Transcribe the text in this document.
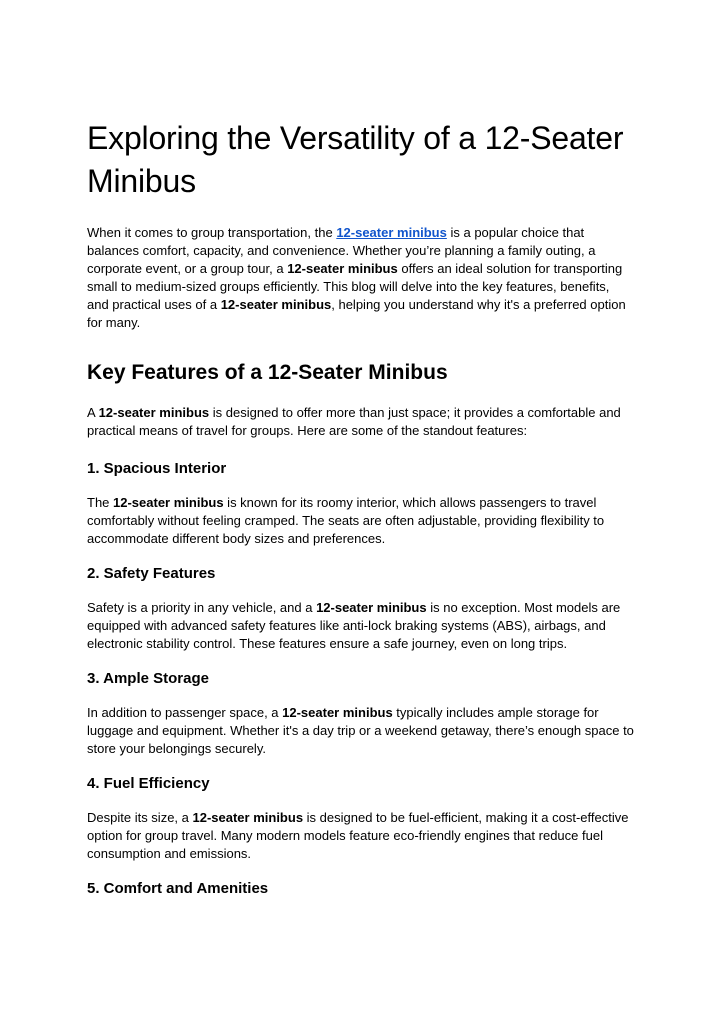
Exploring the Versatility of a 12-Seater Minibus

When it comes to group transportation, the 12-seater minibus is a popular choice that balances comfort, capacity, and convenience. Whether you’re planning a family outing, a corporate event, or a group tour, a 12-seater minibus offers an ideal solution for transporting small to medium-sized groups efficiently. This blog will delve into the key features, benefits, and practical uses of a 12-seater minibus, helping you understand why it's a preferred option for many.

Key Features of a 12-Seater Minibus

A 12-seater minibus is designed to offer more than just space; it provides a comfortable and practical means of travel for groups. Here are some of the standout features:

1. Spacious Interior

The 12-seater minibus is known for its roomy interior, which allows passengers to travel comfortably without feeling cramped. The seats are often adjustable, providing flexibility to accommodate different body sizes and preferences.

2. Safety Features

Safety is a priority in any vehicle, and a 12-seater minibus is no exception. Most models are equipped with advanced safety features like anti-lock braking systems (ABS), airbags, and electronic stability control. These features ensure a safe journey, even on long trips.

3. Ample Storage

In addition to passenger space, a 12-seater minibus typically includes ample storage for luggage and equipment. Whether it's a day trip or a weekend getaway, there’s enough space to store your belongings securely.

4. Fuel Efficiency

Despite its size, a 12-seater minibus is designed to be fuel-efficient, making it a cost-effective option for group travel. Many modern models feature eco-friendly engines that reduce fuel consumption and emissions.

5. Comfort and Amenities
